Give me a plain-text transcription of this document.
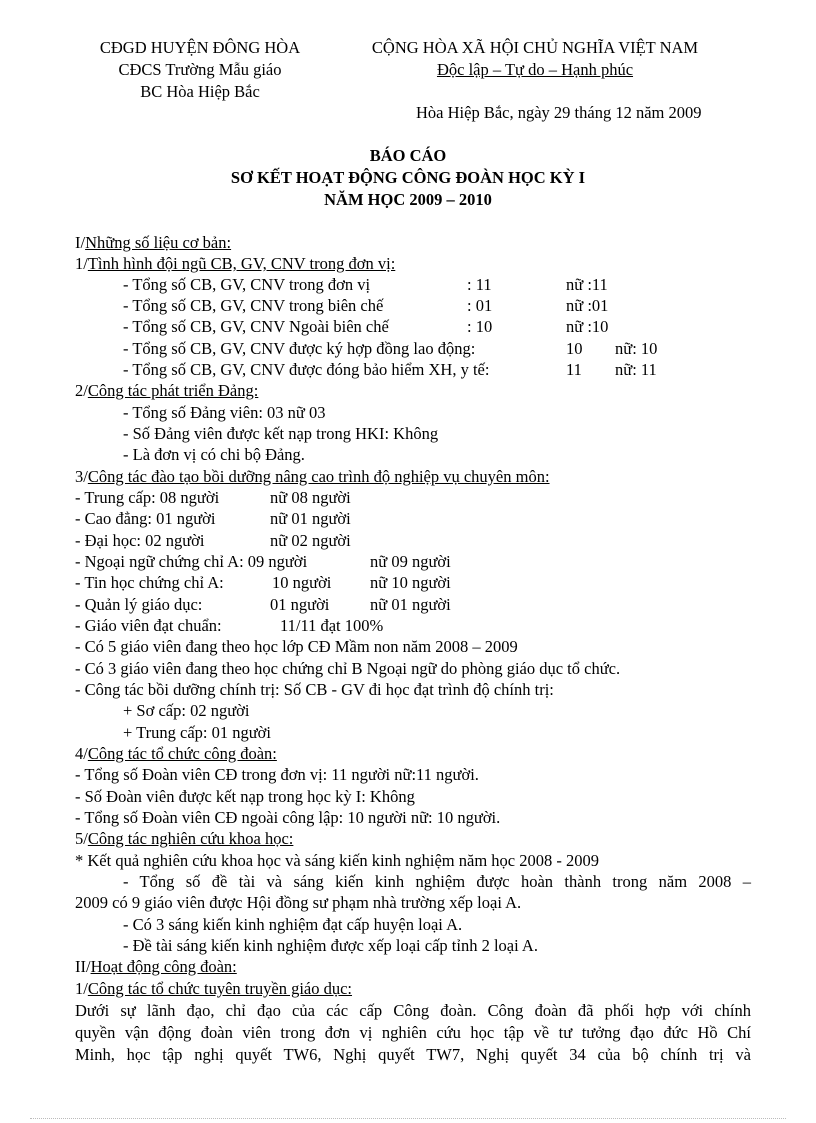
CĐGD HUYỆN ĐÔNG HÒA
CĐCS Trường Mẫu giáo
BC Hòa Hiệp Bắc
CỘNG HÒA XÃ HỘI CHỦ NGHĨA VIỆT NAM
Độc lập – Tự do – Hạnh phúc
Hòa Hiệp Bắc, ngày 29 tháng 12 năm 2009
BÁO CÁO
SƠ KẾT HOẠT ĐỘNG CÔNG ĐOÀN HỌC KỲ I
NĂM HỌC 2009 – 2010
I/Những số liệu cơ bản:
1/Tình hình đội ngũ CB, GV, CNV trong đơn vị:
- Tổng số CB, GV, CNV trong đơn vị	: 11	nữ :11
- Tổng số CB, GV, CNV trong biên chế	: 01	nữ :01
- Tổng số CB, GV, CNV Ngoài biên chế	: 10	nữ :10
- Tổng số CB, GV, CNV được ký hợp đồng lao động:	10 nữ: 10
- Tổng số CB, GV, CNV được đóng bảo hiểm XH, y tế:	11 nữ: 11
2/Công tác phát triển Đảng:
- Tổng số Đảng viên: 03 nữ 03
- Số Đảng viên được kết nạp trong HKI: Không
- Là đơn vị có chi bộ Đảng.
3/Công tác đào tạo bồi dưỡng nâng cao trình độ nghiệp vụ chuyên môn:
- Trung cấp: 08 người	nữ 08 người
- Cao đẳng: 01 người	nữ 01 người
- Đại học: 02 người	nữ 02 người
- Ngoại ngữ chứng chỉ A: 09 người	nữ 09 người
- Tin học chứng chỉ A:	10 người nữ 10 người
- Quản lý giáo dục:	01 người nữ 01 người
- Giáo viên đạt chuẩn:	11/11 đạt 100%
- Có 5 giáo viên đang theo học lớp CĐ Mầm non năm 2008 – 2009
- Có 3 giáo viên đang theo học chứng chỉ B Ngoại ngữ do phòng giáo dục tổ chức.
- Công tác bồi dưỡng chính trị: Số CB - GV đi học đạt trình độ chính trị:
+ Sơ cấp: 02 người
+ Trung cấp: 01 người
4/Công tác tổ chức công đoàn:
- Tổng số Đoàn viên CĐ trong đơn vị: 11 người nữ:11 người.
- Số Đoàn viên được kết nạp trong học kỳ I: Không
- Tổng số Đoàn viên CĐ ngoài công lập: 10 người nữ: 10 người.
5/Công tác nghiên cứu khoa học:
* Kết quả nghiên cứu khoa học và sáng kiến kinh nghiệm năm học 2008 - 2009
- Tổng số đề tài và sáng kiến kinh nghiệm được hoàn thành trong năm 2008 –
2009 có 9 giáo viên được Hội đồng sư phạm nhà trường xếp loại A.
- Có 3 sáng kiến kinh nghiệm đạt cấp huyện loại A.
- Đề tài sáng kiến kinh nghiệm được xếp loại cấp tỉnh 2 loại A.
II/Hoạt động công đoàn:
1/Công tác tổ chức tuyên truyền giáo dục:
Dưới sự lãnh đạo, chỉ đạo của các cấp Công đoàn. Công đoàn đã phối hợp với chính
quyền vận động đoàn viên trong đơn vị nghiên cứu học tập về tư tưởng đạo đức Hồ Chí
Minh, học tập nghị quyết TW6, Nghị quyết TW7, Nghị quyết 34 của bộ chính trị và
